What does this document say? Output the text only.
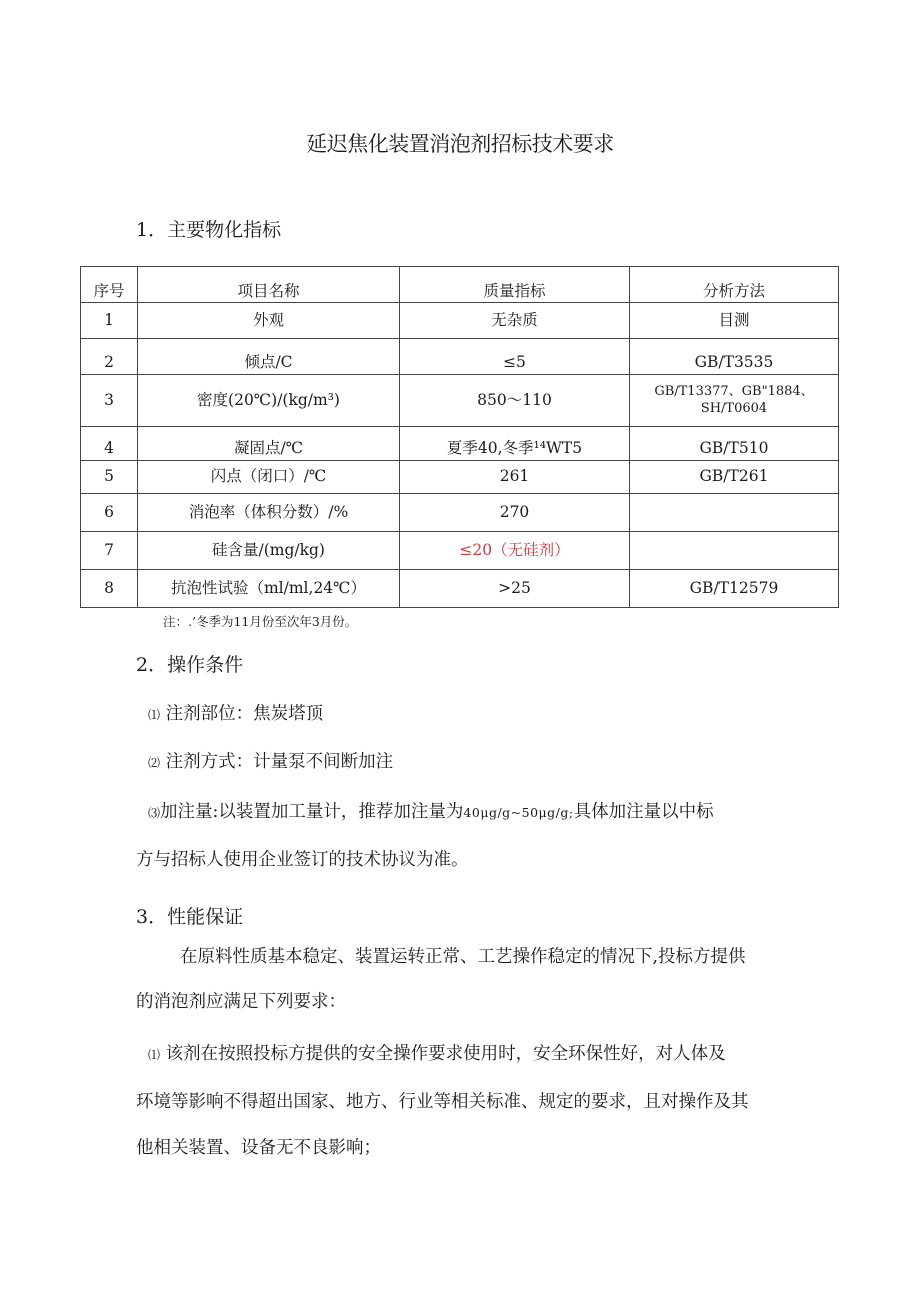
延迟焦化装置消泡剂招标技术要求
1．主要物化指标
序号	项目名称	质量指标	分析方法
1	外观	无杂质	目测
2	倾点/C	≤5	GB/T3535
3	密度(20℃)/(kg/m³)	850～110	GB/T13377、GB"1884、
SH/T0604

4	凝固点/℃	夏季40,冬季¹⁴WT5	GB/T510
5	闪点（闭口）/℃	261	GB/T261
6	消泡率（体积分数）/%	270	
7	硅含量/(mg/kg)	≤20（无硅剂）	
8	抗泡性试验（ml/ml,24℃）	>25	GB/T12579
注：.’冬季为11月份至次年3月份。
2．操作条件
⑴ 注剂部位：焦炭塔顶
⑵ 注剂方式：计量泵不间断加注
⑶加注量:以装置加工量计，推荐加注量为40μg/g~50μg/g;具体加注量以中标
方与招标人使用企业签订的技术协议为准。
3．性能保证
在原料性质基本稳定、装置运转正常、工艺操作稳定的情况下,投标方提供
的消泡剂应满足下列要求：
⑴ 该剂在按照投标方提供的安全操作要求使用时，安全环保性好，对人体及
环境等影响不得超出国家、地方、行业等相关标准、规定的要求，且对操作及其
他相关装置、设备无不良影响；
